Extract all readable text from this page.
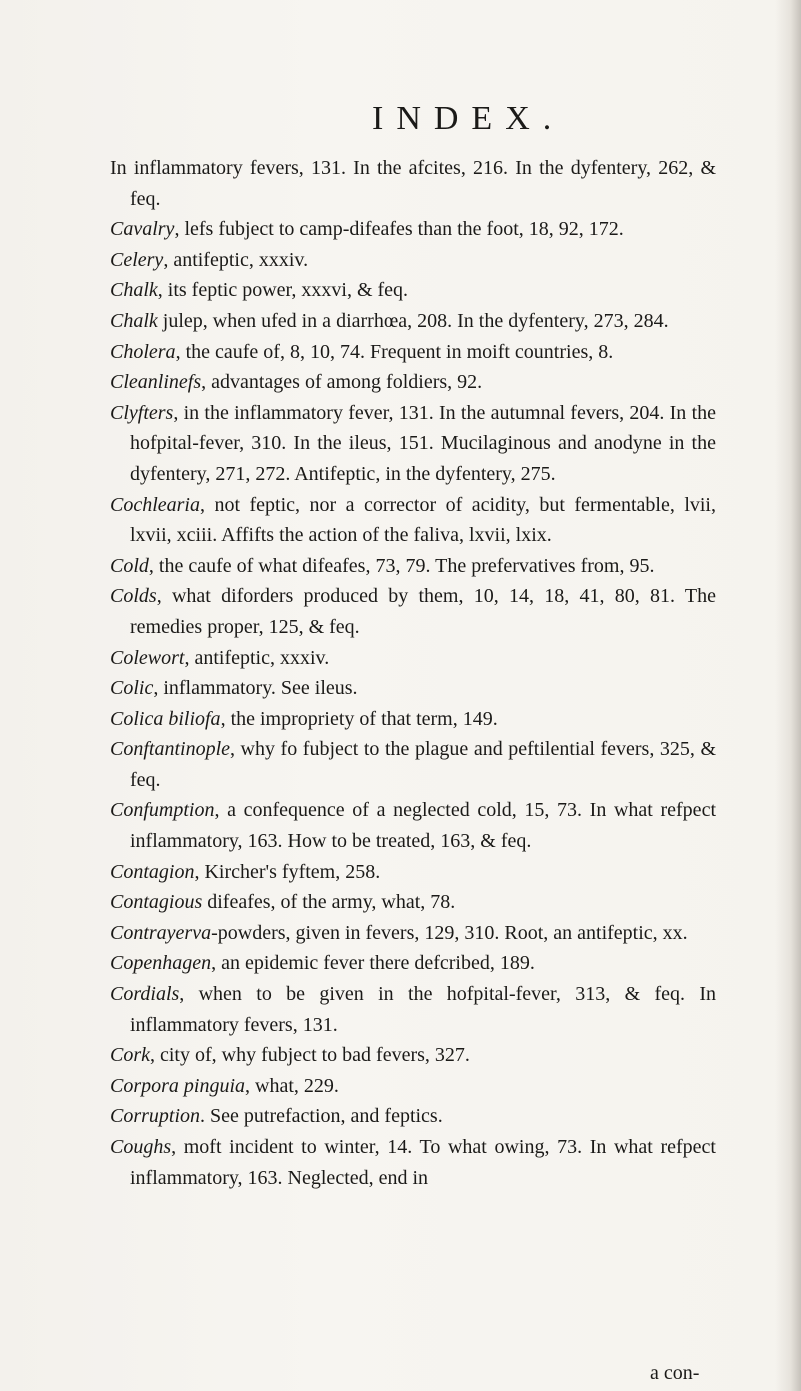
INDEX.

In inflammatory fevers, 131. In the afcites, 216. In the dyfentery, 262, & feq.

Cavalry, lefs fubject to camp-difeafes than the foot, 18, 92, 172.

Celery, antifeptic, xxxiv.

Chalk, its feptic power, xxxvi, & feq.

Chalk julep, when ufed in a diarrhœa, 208. In the dyfentery, 273, 284.

Cholera, the caufe of, 8, 10, 74. Frequent in moift countries, 8.

Cleanlinefs, advantages of among foldiers, 92.

Clyfters, in the inflammatory fever, 131. In the autumnal fevers, 204. In the hofpital-fever, 310. In the ileus, 151. Mucilaginous and anodyne in the dyfentery, 271, 272. Antifeptic, in the dyfentery, 275.

Cochlearia, not feptic, nor a corrector of acidity, but fermentable, lvii, lxvii, xciii. Affifts the action of the faliva, lxvii, lxix.

Cold, the caufe of what difeafes, 73, 79. The prefervatives from, 95.

Colds, what diforders produced by them, 10, 14, 18, 41, 80, 81. The remedies proper, 125, & feq.

Colewort, antifeptic, xxxiv.

Colic, inflammatory. See ileus.

Colica biliofa, the impropriety of that term, 149.

Conftantinople, why fo fubject to the plague and peftilential fevers, 325, & feq.

Confumption, a confequence of a neglected cold, 15, 73. In what refpect inflammatory, 163. How to be treated, 163, & feq.

Contagion, Kircher's fyftem, 258.

Contagious difeafes, of the army, what, 78.

Contrayerva-powders, given in fevers, 129, 310. Root, an antifeptic, xx.

Copenhagen, an epidemic fever there defcribed, 189.

Cordials, when to be given in the hofpital-fever, 313, & feq. In inflammatory fevers, 131.

Cork, city of, why fubject to bad fevers, 327.

Corpora pinguia, what, 229.

Corruption. See putrefaction, and feptics.

Coughs, moft incident to winter, 14. To what owing, 73. In what refpect inflammatory, 163. Neglected, end in

a con-
